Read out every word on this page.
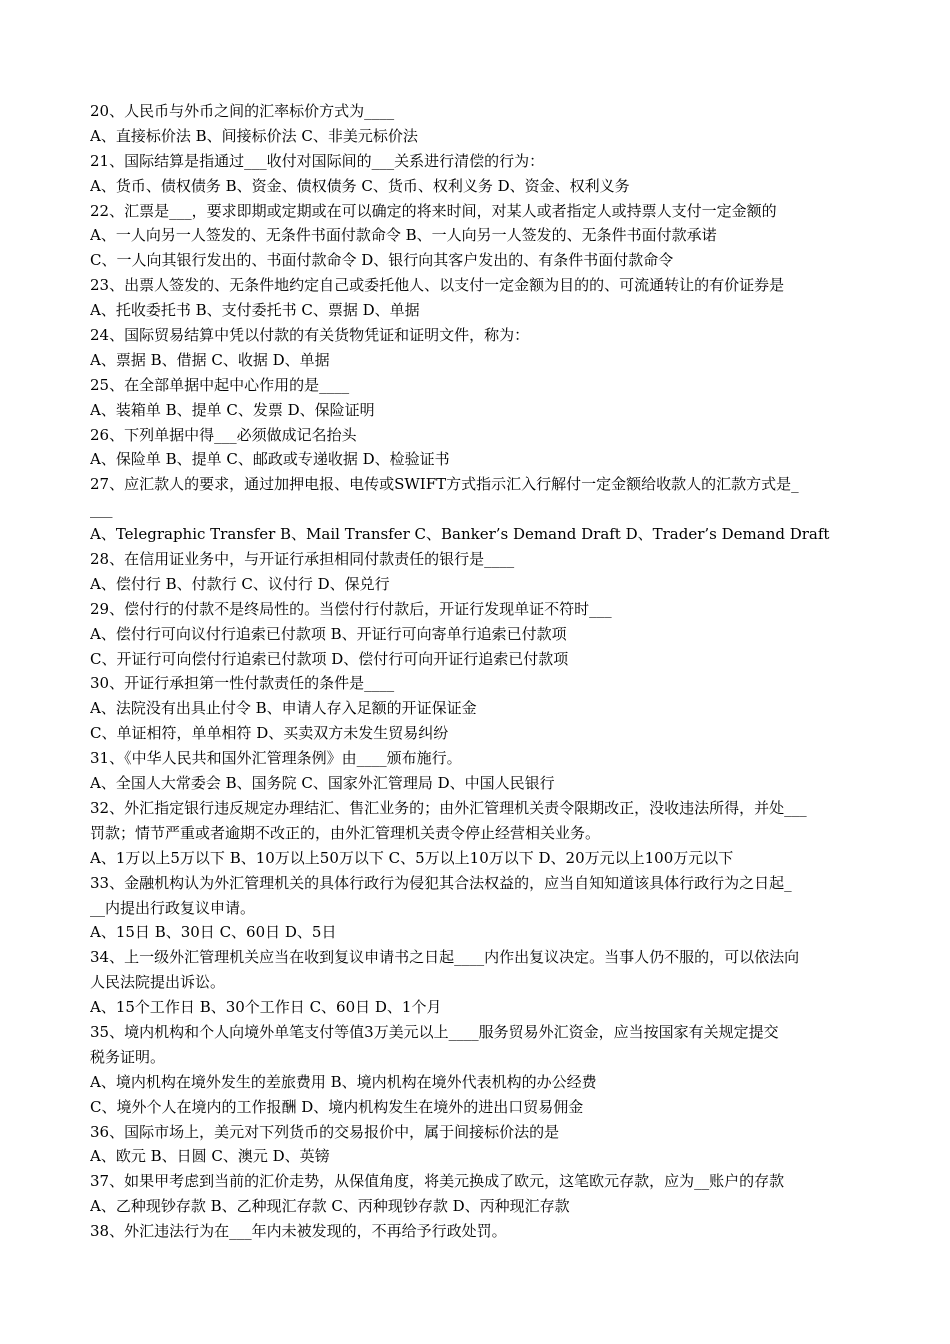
20、人民币与外币之间的汇率标价方式为____
A、直接标价法 B、间接标价法 C、非美元标价法
21、国际结算是指通过___收付对国际间的___关系进行清偿的行为：
A、货币、债权债务 B、资金、债权债务 C、货币、权利义务 D、资金、权利义务
22、汇票是___，要求即期或定期或在可以确定的将来时间，对某人或者指定人或持票人支付一定金额的
A、一人向另一人签发的、无条件书面付款命令 B、一人向另一人签发的、无条件书面付款承诺
C、一人向其银行发出的、书面付款命令 D、银行向其客户发出的、有条件书面付款命令
23、出票人签发的、无条件地约定自己或委托他人、以支付一定金额为目的的、可流通转让的有价证券是
A、托收委托书 B、支付委托书 C、票据 D、单据
24、国际贸易结算中凭以付款的有关货物凭证和证明文件，称为：
A、票据 B、借据 C、收据 D、单据
25、在全部单据中起中心作用的是____
A、装箱单 B、提单 C、发票 D、保险证明
26、下列单据中得___必须做成记名抬头
A、保险单 B、提单 C、邮政或专递收据 D、检验证书
27、应汇款人的要求，通过加押电报、电传或SWIFT方式指示汇入行解付一定金额给收款人的汇款方式是_
___
A、Telegraphic Transfer B、Mail Transfer C、Banker’s Demand Draft D、Trader’s Demand Draft
28、在信用证业务中，与开证行承担相同付款责任的银行是____
A、偿付行 B、付款行 C、议付行 D、保兑行
29、偿付行的付款不是终局性的。当偿付行付款后，开证行发现单证不符时___
A、偿付行可向议付行追索已付款项 B、开证行可向寄单行追索已付款项
C、开证行可向偿付行追索已付款项 D、偿付行可向开证行追索已付款项
30、开证行承担第一性付款责任的条件是____
A、法院没有出具止付令 B、申请人存入足额的开证保证金
C、单证相符，单单相符 D、买卖双方未发生贸易纠纷
31、《中华人民共和国外汇管理条例》由____颁布施行。
A、全国人大常委会 B、国务院 C、国家外汇管理局 D、中国人民银行
32、外汇指定银行违反规定办理结汇、售汇业务的；由外汇管理机关责令限期改正，没收违法所得，并处___
罚款；情节严重或者逾期不改正的，由外汇管理机关责令停止经营相关业务。
A、1万以上5万以下 B、10万以上50万以下 C、5万以上10万以下 D、20万元以上100万元以下
33、金融机构认为外汇管理机关的具体行政行为侵犯其合法权益的，应当自知知道该具体行政行为之日起_
__内提出行政复议申请。
A、15日 B、30日 C、60日 D、5日
34、上一级外汇管理机关应当在收到复议申请书之日起____内作出复议决定。当事人仍不服的，可以依法向
人民法院提出诉讼。
A、15个工作日 B、30个工作日 C、60日 D、1个月
35、境内机构和个人向境外单笔支付等值3万美元以上____服务贸易外汇资金，应当按国家有关规定提交
税务证明。
A、境内机构在境外发生的差旅费用 B、境内机构在境外代表机构的办公经费
C、境外个人在境内的工作报酬 D、境内机构发生在境外的进出口贸易佣金
36、国际市场上，美元对下列货币的交易报价中，属于间接标价法的是
A、欧元 B、日圆 C、澳元 D、英镑
37、如果甲考虑到当前的汇价走势，从保值角度，将美元换成了欧元，这笔欧元存款，应为__账户的存款
A、乙种现钞存款 B、乙种现汇存款 C、丙种现钞存款 D、丙种现汇存款
38、外汇违法行为在___年内未被发现的，不再给予行政处罚。
